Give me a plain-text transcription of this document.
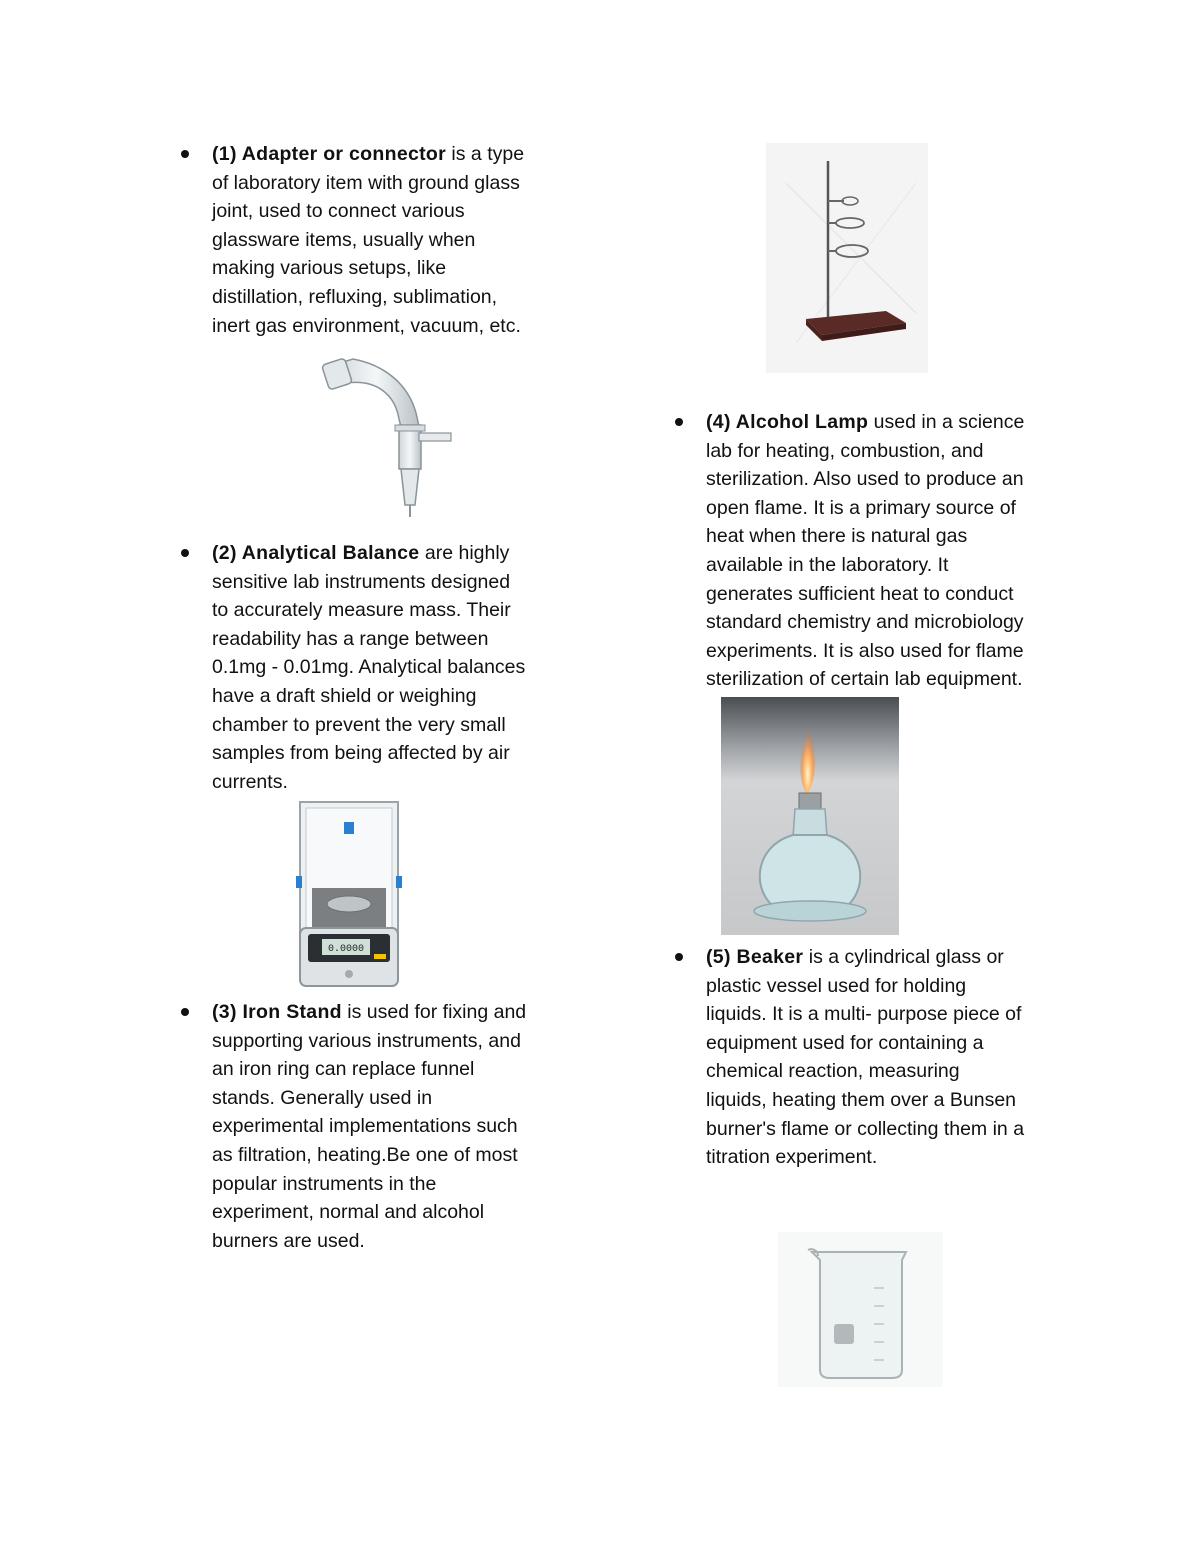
(1) Adapter or connector is a type
of laboratory item with ground glass
joint, used to connect various
glassware items, usually when
making various setups, like
distillation, refluxing, sublimation,
inert gas environment, vacuum, etc.

(2) Analytical Balance are highly
sensitive lab instruments designed
to accurately measure mass. Their
readability has a range between
0.1mg - 0.01mg. Analytical balances
have a draft shield or weighing
chamber to prevent the very small
samples from being affected by air
currents.

0.0000

(3) Iron Stand is used for fixing and
supporting various instruments, and
an iron ring can replace funnel
stands. Generally used in
experimental implementations such
as filtration, heating.Be one of most
popular instruments in the
experiment, normal and alcohol
burners are used.

(4) Alcohol Lamp used in a science
lab for heating, combustion, and
sterilization. Also used to produce an
open flame. It is a primary source of
heat when there is natural gas
available in the laboratory. It
generates sufficient heat to conduct
standard chemistry and microbiology
experiments. It is also used for flame
sterilization of certain lab equipment.

(5) Beaker is a cylindrical glass or
plastic vessel used for holding
liquids. It is a multi- purpose piece of
equipment used for containing a
chemical reaction, measuring
liquids, heating them over a Bunsen
burner's flame or collecting them in a
titration experiment.
